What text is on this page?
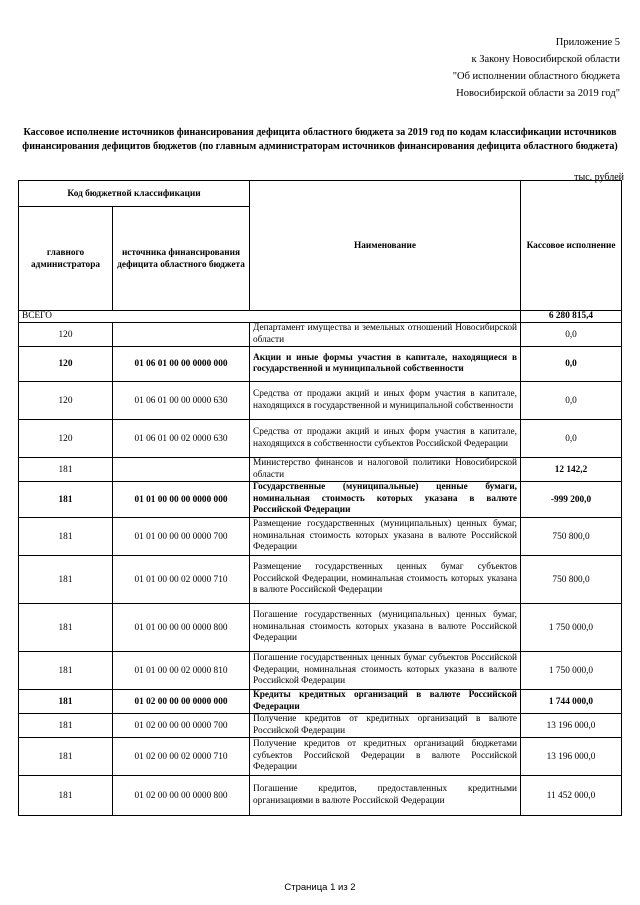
Приложение 5
к Закону Новосибирской области
"Об исполнении областного бюджета
Новосибирской области за 2019 год"
Кассовое исполнение источников финансирования дефицита областного бюджета за 2019 год по кодам классификации источников финансирования дефицитов бюджетов (по главным администраторам источников финансирования дефицита областного бюджета)
тыс. рублей
Код бюджетной классификации		Наименование	Кассовое исполнение
главного администратора	источника финансирования дефицита областного бюджета		
ВСЕГО			6 280 815,4
120		Департамент имущества и земельных отношений Новосибирской области	0,0
120	01 06 01 00 00 0000 000	Акции и иные формы участия в капитале, находящиеся в государственной и муниципальной собственности	0,0
120	01 06 01 00 00 0000 630	Средства от продажи акций и иных форм участия в капитале, находящихся в государственной и муниципальной собственности	0,0
120	01 06 01 00 02 0000 630	Средства от продажи акций и иных форм участия в капитале, находящихся в собственности субъектов Российской Федерации	0,0
181		Министерство финансов и налоговой политики Новосибирской области	12 142,2
181	01 01 00 00 00 0000 000	Государственные (муниципальные) ценные бумаги, номинальная стоимость которых указана в валюте Российской Федерации	-999 200,0
181	01 01 00 00 00 0000 700	Размещение государственных (муниципальных) ценных бумаг, номинальная стоимость которых указана в валюте Российской Федерации	750 800,0
181	01 01 00 00 02 0000 710	Размещение государственных ценных бумаг субъектов Российской Федерации, номинальная стоимость которых указана в валюте Российской Федерации	750 800,0
181	01 01 00 00 00 0000 800	Погашение государственных (муниципальных) ценных бумаг, номинальная стоимость которых указана в валюте Российской Федерации	1 750 000,0
181	01 01 00 00 02 0000 810	Погашение государственных ценных бумаг субъектов Российской Федерации, номинальная стоимость которых указана в валюте Российской Федерации	1 750 000,0
181	01 02 00 00 00 0000 000	Кредиты кредитных организаций в валюте Российской Федерации	1 744 000,0
181	01 02 00 00 00 0000 700	Получение кредитов от кредитных организаций в валюте Российской Федерации	13 196 000,0
181	01 02 00 00 02 0000 710	Получение кредитов от кредитных организаций бюджетами субъектов Российской Федерации в валюте Российской Федерации	13 196 000,0
181	01 02 00 00 00 0000 800	Погашение кредитов, предоставленных кредитными организациями в валюте Российской Федерации	11 452 000,0
Страница 1 из 2
